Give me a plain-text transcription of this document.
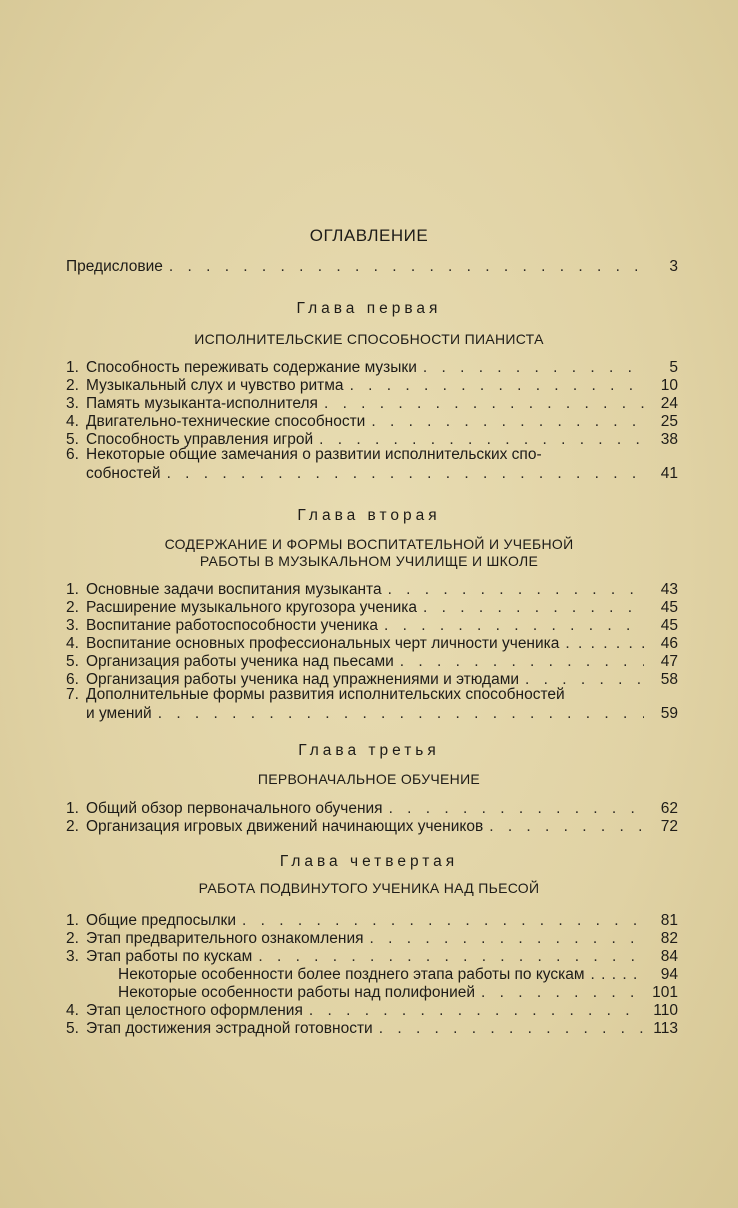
ОГЛАВЛЕНИЕ
Предисловие . . .	3
Глава первая
ИСПОЛНИТЕЛЬСКИЕ СПОСОБНОСТИ ПИАНИСТА
1. Способность переживать содержание музыки . . .	5
2. Музыкальный слух и чувство ритма . . .	10
3. Память музыканта-исполнителя . . .	24
4. Двигательно-технические способности . . .	25
5. Способность управления игрой . . .	38
6. Некоторые общие замечания о развитии исполнительских спо-
собностей . . .	41
Глава вторая
СОДЕРЖАНИЕ И ФОРМЫ ВОСПИТАТЕЛЬНОЙ И УЧЕБНОЙ
РАБОТЫ В МУЗЫКАЛЬНОМ УЧИЛИЩЕ И ШКОЛЕ
1. Основные задачи воспитания музыканта . . .	43
2. Расширение музыкального кругозора ученика . . .	45
3. Воспитание работоспособности ученика . . .	45
4. Воспитание основных профессиональных черт личности ученика . . .	46
5. Организация работы ученика над пьесами . . .	47
6. Организация работы ученика над упражнениями и этюдами . . .	58
7. Дополнительные формы развития исполнительских способностей
и умений . . .	59
Глава третья
ПЕРВОНАЧАЛЬНОЕ ОБУЧЕНИЕ
1. Общий обзор первоначального обучения . . .	62
2. Организация игровых движений начинающих учеников . . .	72
Глава четвертая
РАБОТА ПОДВИНУТОГО УЧЕНИКА НАД ПЬЕСОЙ
1. Общие предпосылки . . .	81
2. Этап предварительного ознакомления . . .	82
3. Этап работы по кускам . . .	84
Некоторые особенности более позднего этапа работы по кускам . . .	94
Некоторые особенности работы над полифонией . . .	101
4. Этап целостного оформления . . .	110
5. Этап достижения эстрадной готовности . . .	113
